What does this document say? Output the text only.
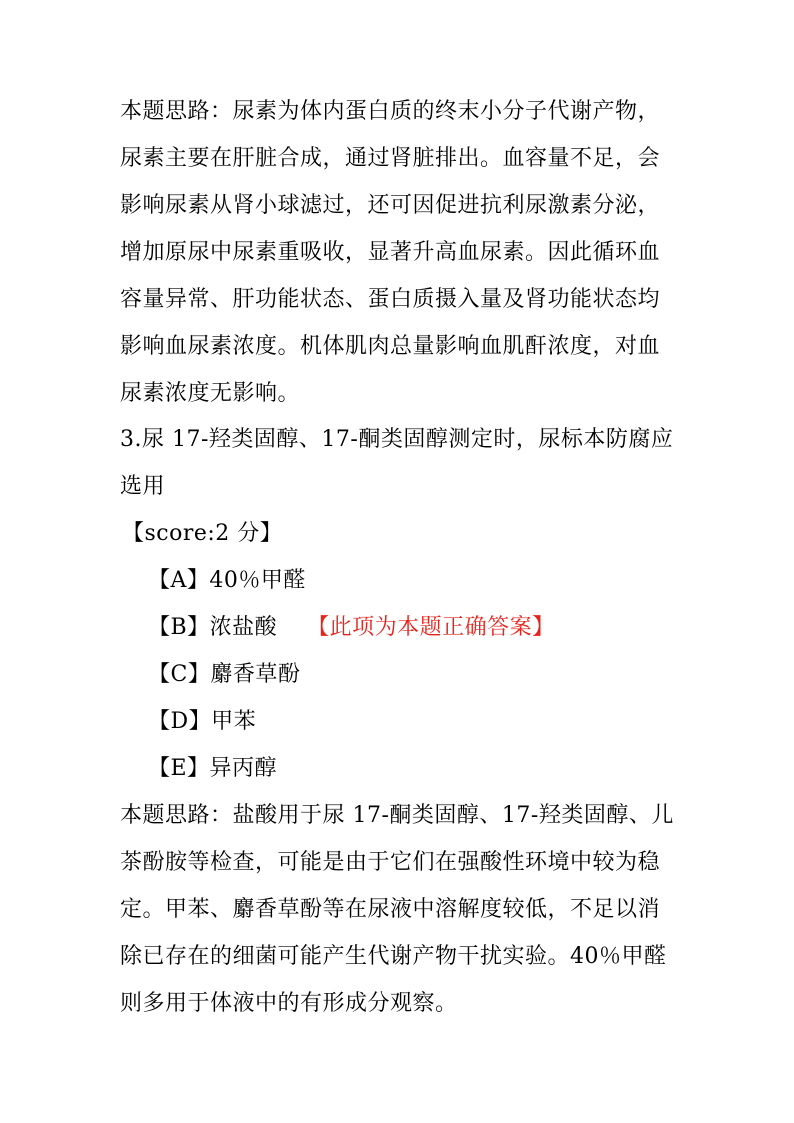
本题思路：尿素为体内蛋白质的终末小分子代谢产物，尿素主要在肝脏合成，通过肾脏排出。血容量不足，会影响尿素从肾小球滤过，还可因促进抗利尿激素分泌，增加原尿中尿素重吸收，显著升高血尿素。因此循环血容量异常、肝功能状态、蛋白质摄入量及肾功能状态均影响血尿素浓度。机体肌肉总量影响血肌酐浓度，对血尿素浓度无影响。
3.尿 17-羟类固醇、17-酮类固醇测定时，尿标本防腐应选用
【score:2 分】
【A】40％甲醛
【B】浓盐酸 【此项为本题正确答案】
【C】麝香草酚
【D】甲苯
【E】异丙醇
本题思路：盐酸用于尿 17-酮类固醇、17-羟类固醇、儿茶酚胺等检查，可能是由于它们在强酸性环境中较为稳定。甲苯、麝香草酚等在尿液中溶解度较低，不足以消除已存在的细菌可能产生代谢产物干扰实验。40％甲醛则多用于体液中的有形成分观察。
